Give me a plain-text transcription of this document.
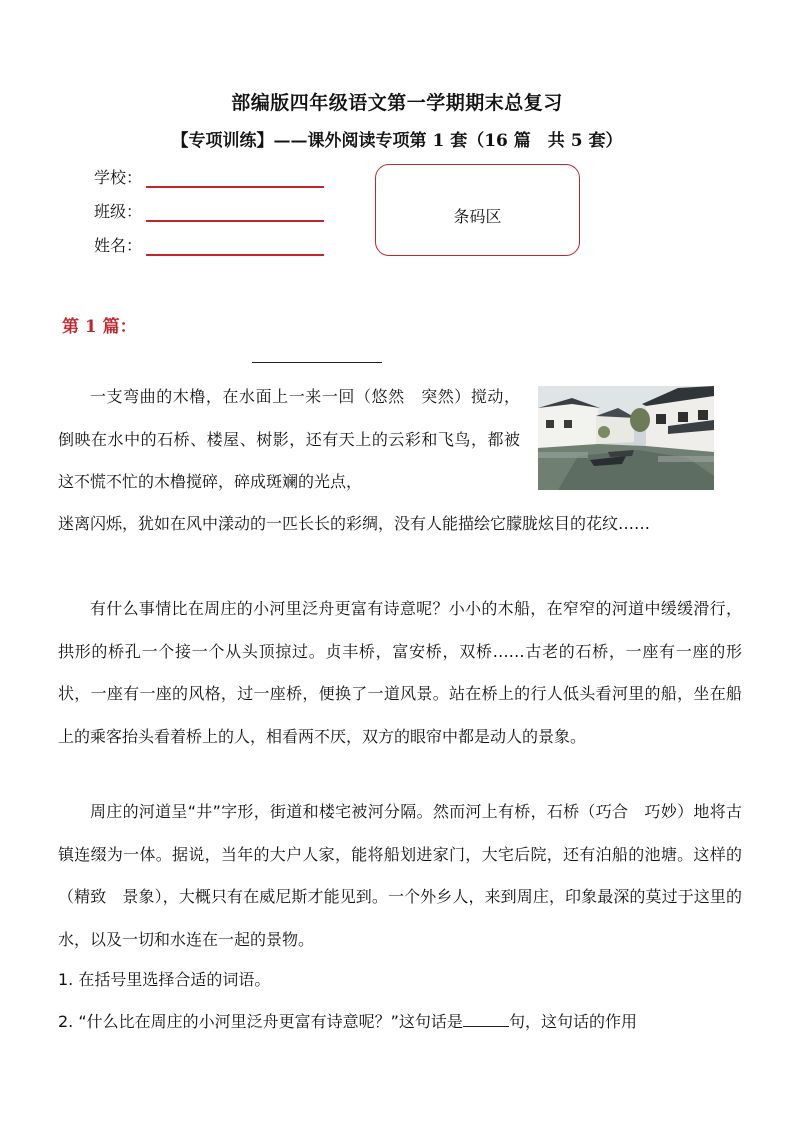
部编版四年级语文第一学期期末总复习
【专项训练】——课外阅读专项第 1 套（16 篇　共 5 套）
学校：
班级：
姓名：
条码区
第 1 篇：
一支弯曲的木橹，在水面上一来一回（悠然　突然）搅动，倒映在水中的石桥、楼屋、树影，还有天上的云彩和飞鸟，都被这不慌不忙的木橹搅碎，碎成斑斓的光点，
迷离闪烁，犹如在风中漾动的一匹长长的彩绸，没有人能描绘它朦胧炫目的花纹……
有什么事情比在周庄的小河里泛舟更富有诗意呢？小小的木船，在窄窄的河道中缓缓滑行，拱形的桥孔一个接一个从头顶掠过。贞丰桥，富安桥，双桥……古老的石桥，一座有一座的形状，一座有一座的风格，过一座桥，便换了一道风景。站在桥上的行人低头看河里的船，坐在船上的乘客抬头看着桥上的人，相看两不厌，双方的眼帘中都是动人的景象。
周庄的河道呈“井”字形，街道和楼宅被河分隔。然而河上有桥，石桥（巧合　巧妙）地将古镇连缀为一体。据说，当年的大户人家，能将船划进家门，大宅后院，还有泊船的池塘。这样的（精致　景象），大概只有在威尼斯才能见到。一个外乡人，来到周庄，印象最深的莫过于这里的水，以及一切和水连在一起的景物。
1. 在括号里选择合适的词语。
2. “什么比在周庄的小河里泛舟更富有诗意呢？”这句话是	句，这句话的作用
